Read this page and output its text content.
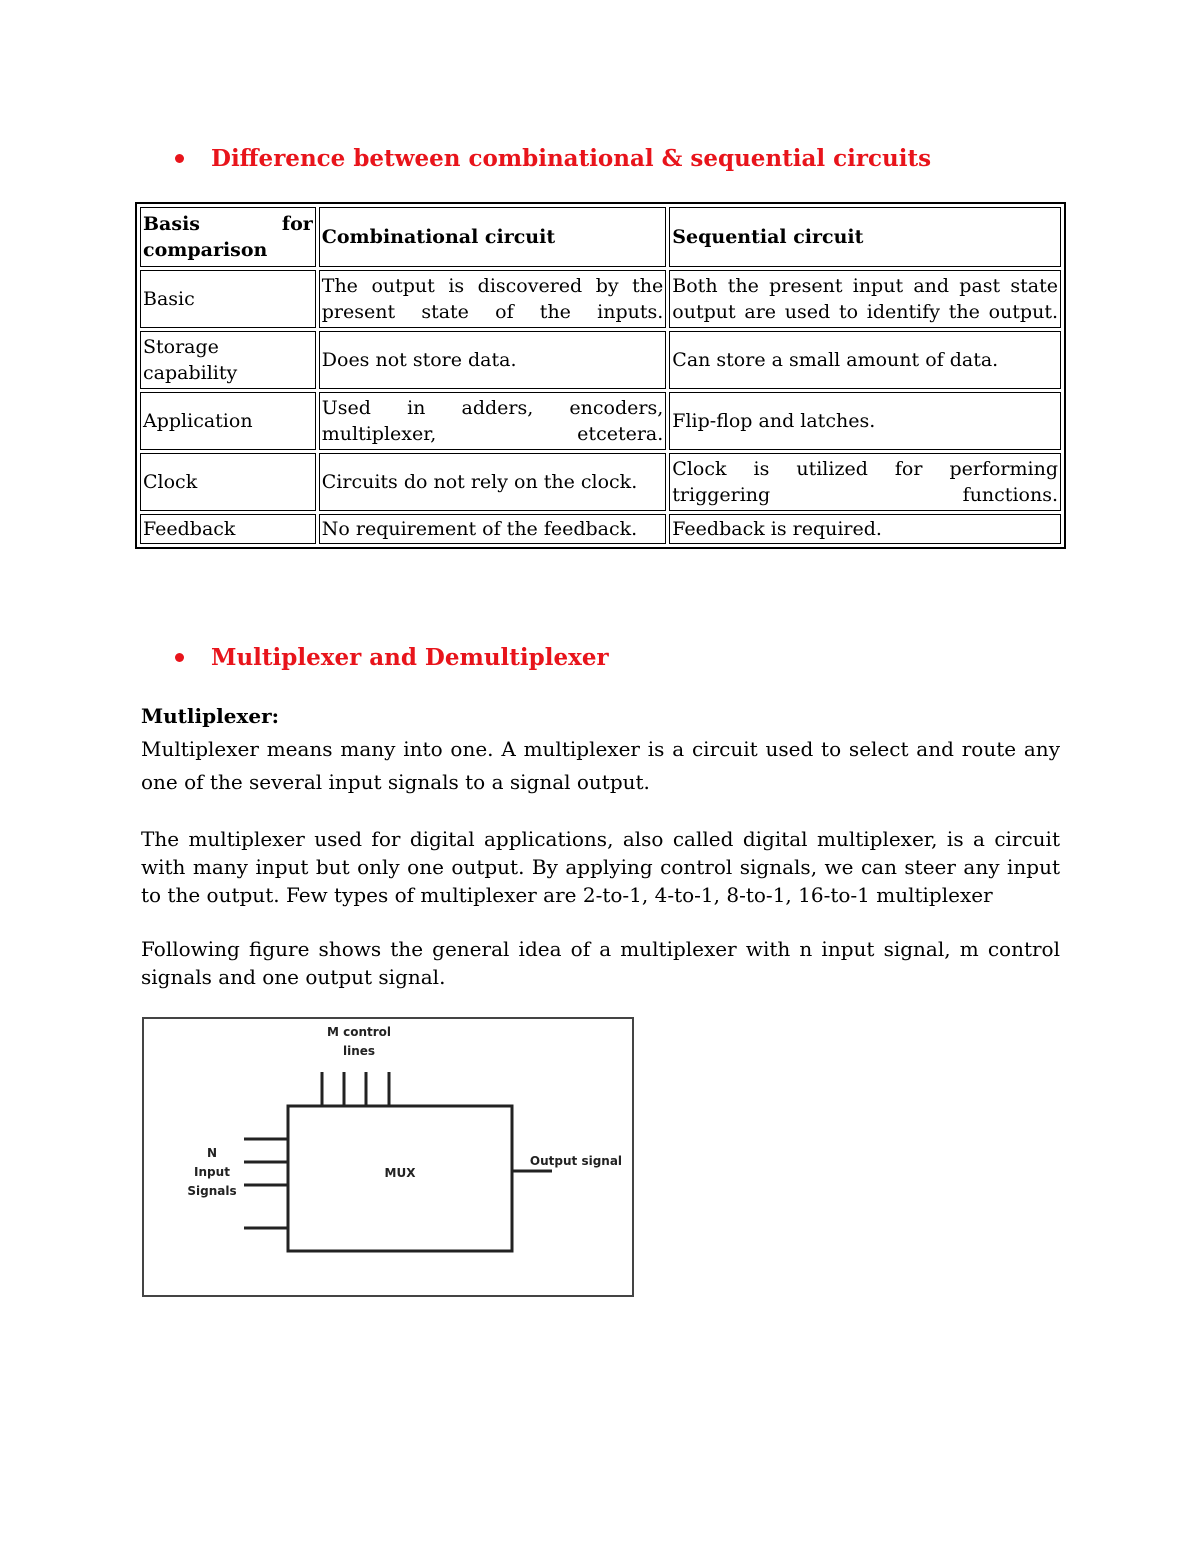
Difference between combinational & sequential circuits
Basis for comparison	Combinational circuit	Sequential circuit
Basic	The output is discovered by the present state of the inputs.	Both the present input and past state output are used to identify the output.
Storage capability	Does not store data.	Can store a small amount of data.
Application	Used in adders, encoders, multiplexer, etcetera.	Flip-flop and latches.
Clock	Circuits do not rely on the clock.	Clock is utilized for performing triggering functions.
Feedback	No requirement of the feedback.	Feedback is required.
Multiplexer and Demultiplexer

Mutliplexer:

Multiplexer means many into one. A multiplexer is a circuit used to select and route any one of the several input signals to a signal output.

The multiplexer used for digital applications, also called digital multiplexer, is a circuit with many input but only one output. By applying control signals, we can steer any input to the output. Few types of multiplexer are 2-to-1, 4-to-1, 8-to-1, 16-to-1 multiplexer

Following figure shows the general idea of a multiplexer with n input signal, m control signals and one output signal.

M control
lines
N
Input
Signals
MUX
Output signal
